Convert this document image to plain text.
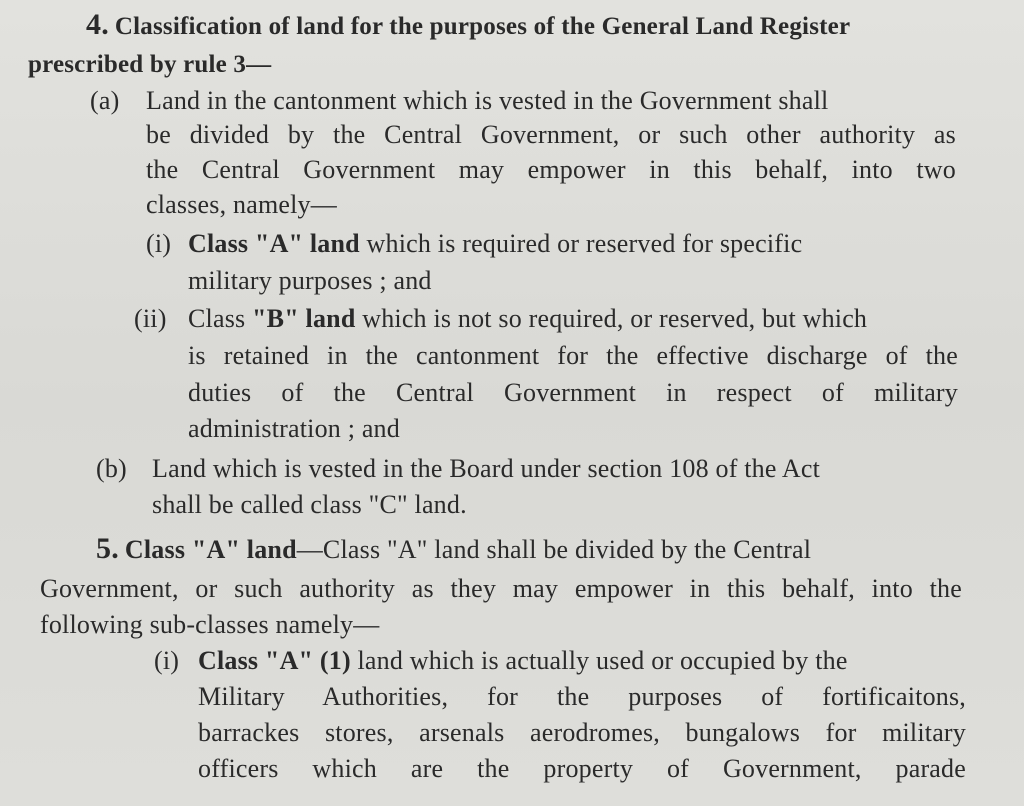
4. Classification of land for the purposes of the General Land Register
prescribed by rule 3—
(a) Land in the cantonment which is vested in the Government shall
be divided by the Central Government, or such other authority as
the Central Government may empower in this behalf, into two
classes, namely—
(i) Class "A" land which is required or reserved for specific
military purposes ; and
(ii) Class "B" land which is not so required, or reserved, but which
is retained in the cantonment for the effective discharge of the
duties of the Central Government in respect of military
administration ; and
(b) Land which is vested in the Board under section 108 of the Act
shall be called class "C" land.
5. Class "A" land—Class "A" land shall be divided by the Central
Government, or such authority as they may empower in this behalf, into the
following sub-classes namely—
(i) Class "A" (1) land which is actually used or occupied by the
Military Authorities, for the purposes of fortificaitons,
barrackes stores, arsenals aerodromes, bungalows for military
officers which are the property of Government, parade
